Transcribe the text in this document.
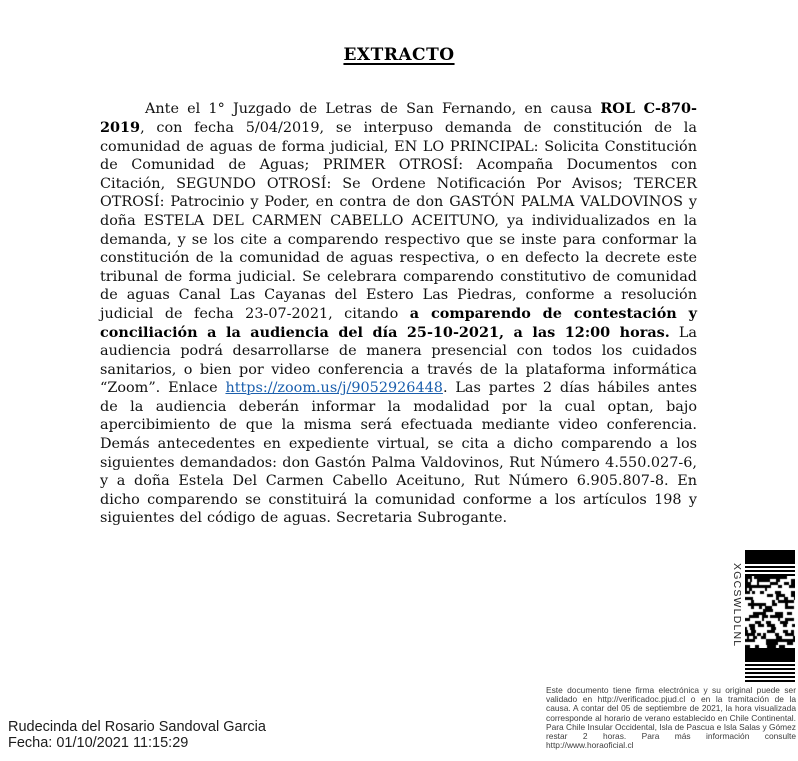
EXTRACTO

Ante el 1° Juzgado de Letras de San Fernando, en causa ROL C-870-2019, con fecha 5/04/2019, se interpuso demanda de constitución de la comunidad de aguas de forma judicial, EN LO PRINCIPAL: Solicita Constitución de Comunidad de Aguas; PRIMER OTROSÍ: Acompaña Documentos con Citación, SEGUNDO OTROSÍ: Se Ordene Notificación Por Avisos; TERCER OTROSÍ: Patrocinio y Poder, en contra de don GASTÓN PALMA VALDOVINOS y doña ESTELA DEL CARMEN CABELLO ACEITUNO, ya individualizados en la demanda, y se los cite a comparendo respectivo que se inste para conformar la constitución de la comunidad de aguas respectiva, o en defecto la decrete este tribunal de forma judicial. Se celebrara comparendo constitutivo de comunidad de aguas Canal Las Cayanas del Estero Las Piedras, conforme a resolución judicial de fecha 23-07-2021, citando a comparendo de contestación y conciliación a la audiencia del día 25-10-2021, a las 12:00 horas. La audiencia podrá desarrollarse de manera presencial con todos los cuidados sanitarios, o bien por video conferencia a través de la plataforma informática “Zoom”. Enlace https://zoom.us/j/9052926448. Las partes 2 días hábiles antes de la audiencia deberán informar la modalidad por la cual optan, bajo apercibimiento de que la misma será efectuada mediante video conferencia. Demás antecedentes en expediente virtual, se cita a dicho comparendo a los siguientes demandados: don Gastón Palma Valdovinos, Rut Número 4.550.027-6, y a doña Estela Del Carmen Cabello Aceituno, Rut Número 6.905.807-8. En dicho comparendo se constituirá la comunidad conforme a los artículos 198 y siguientes del código de aguas. Secretaria Subrogante.

XGCSWLDLNL
Este documento tiene firma electrónica y su original puede ser validado en http://verificadoc.pjud.cl o en la tramitación de la causa. A contar del 05 de septiembre de 2021, la hora visualizada corresponde al horario de verano establecido en Chile Continental. Para Chile Insular Occidental, Isla de Pascua e Isla Salas y Gómez restar 2 horas. Para más información consulte http://www.horaoficial.cl
Rudecinda del Rosario Sandoval Garcia
Fecha: 01/10/2021 11:15:29
